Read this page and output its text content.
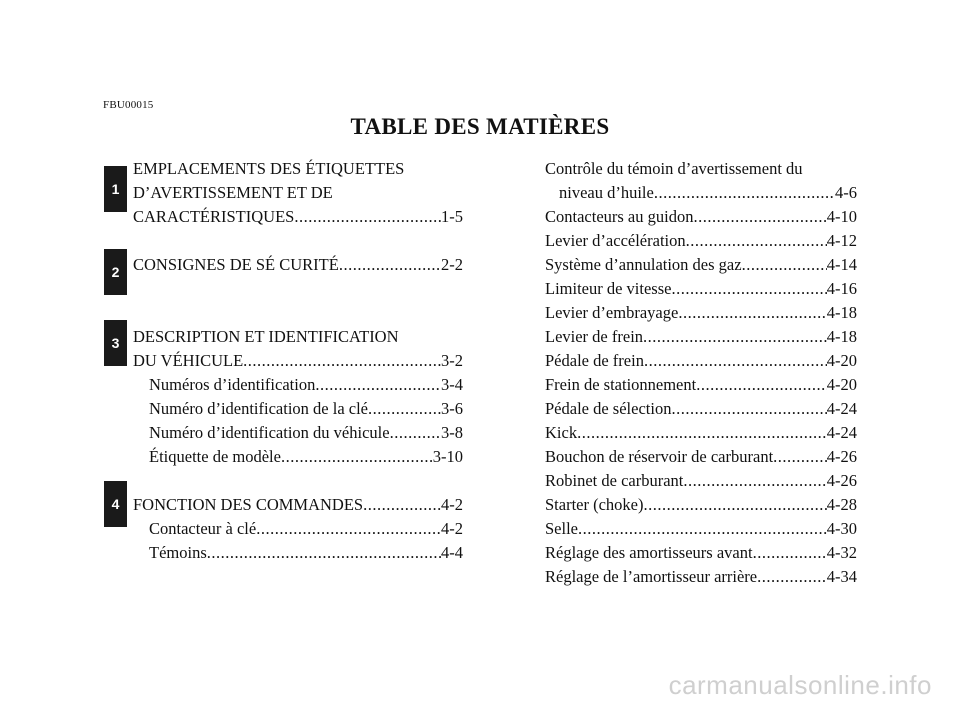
FBU00015
TABLE DES MATIÈRES
1
2
3
4
EMPLACEMENTS DES ÉTIQUETTES
D’AVERTISSEMENT ET DE
CARACTÉRISTIQUES .....	1-5
CONSIGNES DE SÉ CURITÉ .....	2-2
DESCRIPTION ET IDENTIFICATION
DU VÉHICULE .....	3-2
Numéros d’identification .....	3-4
Numéro d’identification de la clé .....	3-6
Numéro d’identification du véhicule .....	3-8
Étiquette de modèle .....	3-10
FONCTION DES COMMANDES .....	4-2
Contacteur à clé .....	4-2
Témoins .....	4-4
Contrôle du témoin d’avertissement du
niveau d’huile .....	4-6
Contacteurs au guidon .....	4-10
Levier d’accélération .....	4-12
Système d’annulation des gaz .....	4-14
Limiteur de vitesse .....	4-16
Levier d’embrayage .....	4-18
Levier de frein .....	4-18
Pédale de frein .....	4-20
Frein de stationnement .....	4-20
Pédale de sélection .....	4-24
Kick .....	4-24
Bouchon de réservoir de carburant .....	4-26
Robinet de carburant .....	4-26
Starter (choke) .....	4-28
Selle .....	4-30
Réglage des amortisseurs avant .....	4-32
Réglage de l’amortisseur arrière .....	4-34
carmanualsonline.info
